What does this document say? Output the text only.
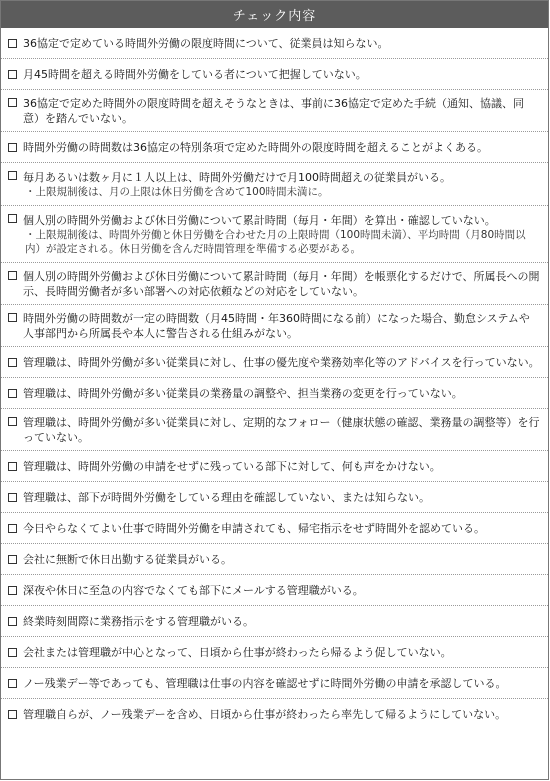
チェック内容
36協定で定めている時間外労働の限度時間について、従業員は知らない。
月45時間を超える時間外労働をしている者について把握していない。
36協定で定めた時間外の限度時間を超えそうなときは、事前に36協定で定めた手続（通知、協議、同意）を踏んでいない。
時間外労働の時間数は36協定の特別条項で定めた時間外の限度時間を超えることがよくある。
毎月あるいは数ヶ月に１人以上は、時間外労働だけで月100時間超えの従業員がいる。
・上限規制後は、月の上限は休日労働を含めて100時間未満に。
個人別の時間外労働および休日労働について累計時間（毎月・年間）を算出・確認していない。
・上限規制後は、時間外労働と休日労働を合わせた月の上限時間（100時間未満）、平均時間（月80時間以内）が設定される。休日労働を含んだ時間管理を準備する必要がある。
個人別の時間外労働および休日労働について累計時間（毎月・年間）を帳票化するだけで、所属長への開示、長時間労働者が多い部署への対応依頼などの対応をしていない。
時間外労働の時間数が一定の時間数（月45時間・年360時間になる前）になった場合、勤怠システムや人事部門から所属長や本人に警告される仕組みがない。
管理職は、時間外労働が多い従業員に対し、仕事の優先度や業務効率化等のアドバイスを行っていない。
管理職は、時間外労働が多い従業員の業務量の調整や、担当業務の変更を行っていない。
管理職は、時間外労働が多い従業員に対し、定期的なフォロー（健康状態の確認、業務量の調整等）を行っていない。
管理職は、時間外労働の申請をせずに残っている部下に対して、何も声をかけない。
管理職は、部下が時間外労働をしている理由を確認していない、または知らない。
今日やらなくてよい仕事で時間外労働を申請されても、帰宅指示をせず時間外を認めている。
会社に無断で休日出勤する従業員がいる。
深夜や休日に至急の内容でなくても部下にメールする管理職がいる。
終業時刻間際に業務指示をする管理職がいる。
会社または管理職が中心となって、日頃から仕事が終わったら帰るよう促していない。
ノー残業デー等であっても、管理職は仕事の内容を確認せずに時間外労働の申請を承認している。
管理職自らが、ノー残業デーを含め、日頃から仕事が終わったら率先して帰るようにしていない。
